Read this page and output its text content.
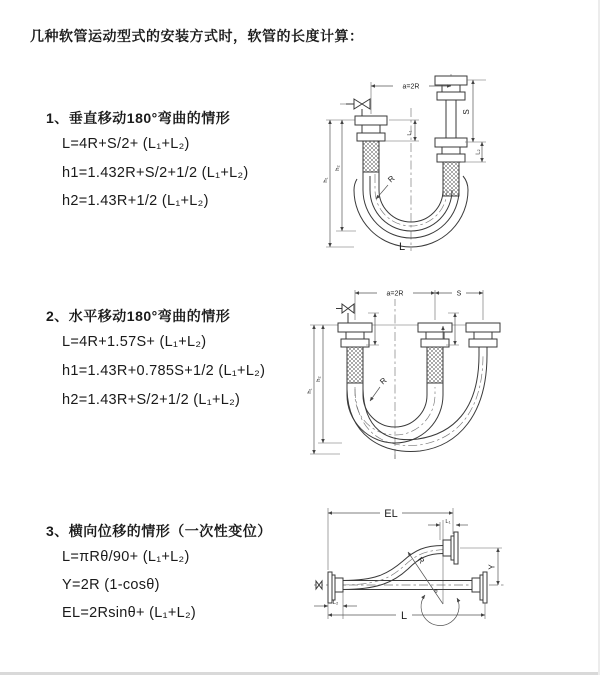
几种软管运动型式的安装方式时，软管的长度计算：
1、垂直移动180°弯曲的情形
L=4R+S/2+ (L₁+L₂)
h1=1.432R+S/2+1/2 (L₁+L₂)
h2=1.43R+1/2 (L₁+L₂)
2、水平移动180°弯曲的情形
L=4R+1.57S+ (L₁+L₂)
h1=1.43R+0.785S+1/2 (L₁+L₂)
h2=1.43R+S/2+1/2 (L₁+L₂)
3、横向位移的情形（一次性变位）
L=πRθ/90+ (L₁+L₂)
Y=2R (1-cosθ)
EL=2Rsinθ+ (L₁+L₂)
a=2R
L₁
S
L₂
h₁
h₂
R
L
a=2R	S
h₁
h₂	R
EL
L₁
Y
R
θ
L₂
L
